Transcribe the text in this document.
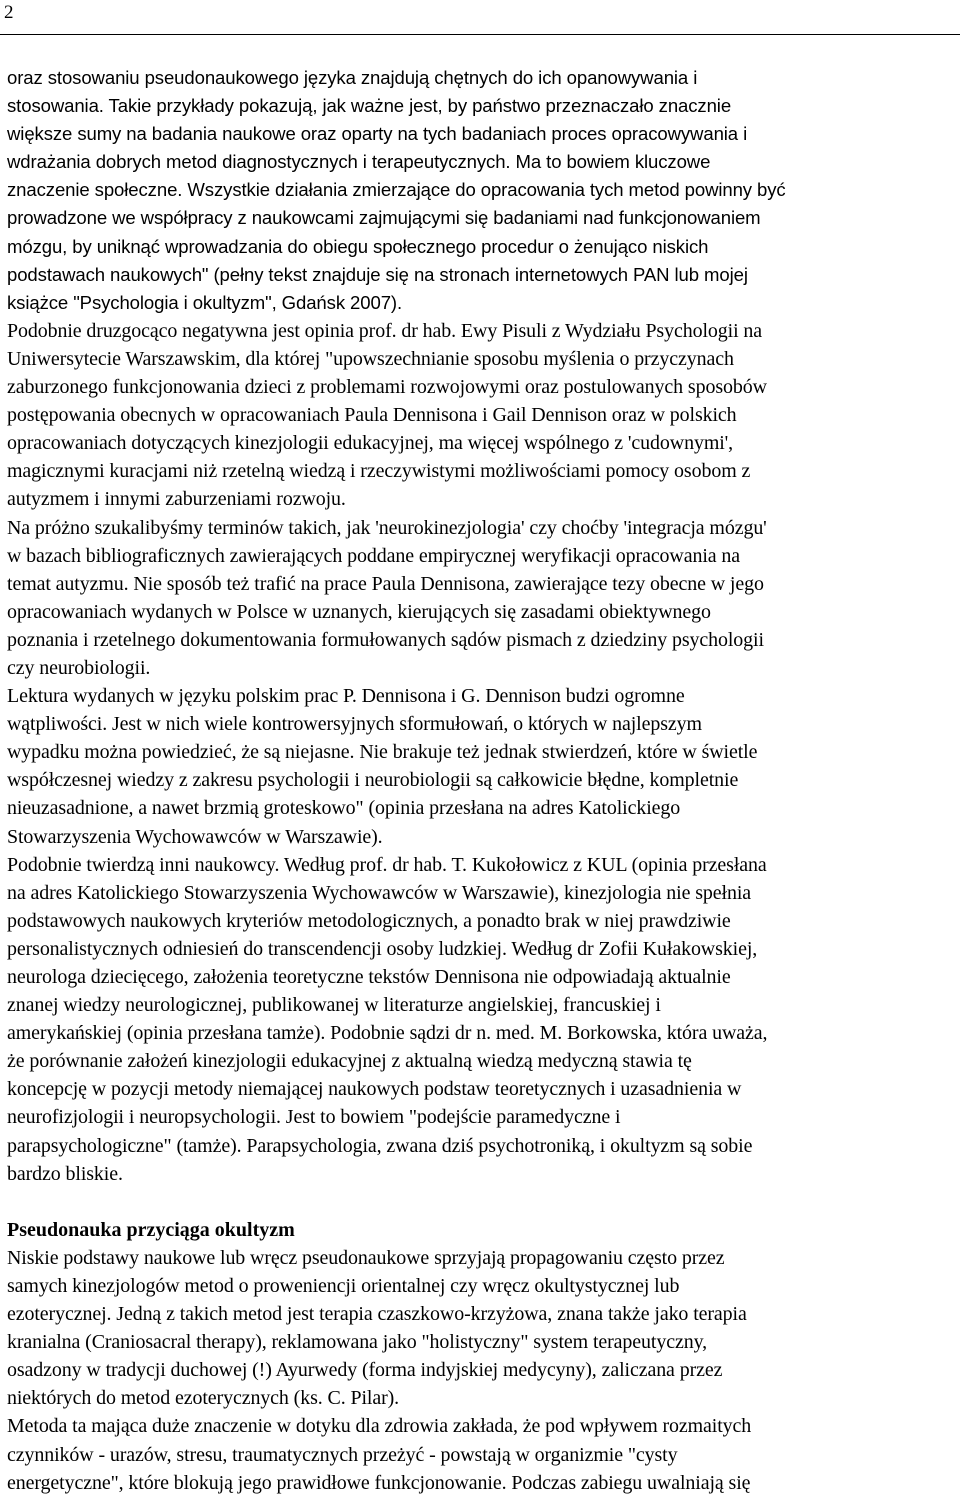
2
oraz stosowaniu pseudonaukowego języka znajdują chętnych do ich opanowywania i
stosowania. Takie przykłady pokazują, jak ważne jest, by państwo przeznaczało znacznie
większe sumy na badania naukowe oraz oparty na tych badaniach proces opracowywania i
wdrażania dobrych metod diagnostycznych i terapeutycznych. Ma to bowiem kluczowe
znaczenie społeczne. Wszystkie działania zmierzające do opracowania tych metod powinny być
prowadzone we współpracy z naukowcami zajmującymi się badaniami nad funkcjonowaniem
mózgu, by uniknąć wprowadzania do obiegu społecznego procedur o żenująco niskich
podstawach naukowych" (pełny tekst znajduje się na stronach internetowych PAN lub mojej
książce "Psychologia i okultyzm", Gdańsk 2007).
Podobnie druzgocąco negatywna jest opinia prof. dr hab. Ewy Pisuli z Wydziału Psychologii na
Uniwersytecie Warszawskim, dla której "upowszechnianie sposobu myślenia o przyczynach
zaburzonego funkcjonowania dzieci z problemami rozwojowymi oraz postulowanych sposobów
postępowania obecnych w opracowaniach Paula Dennisona i Gail Dennison oraz w polskich
opracowaniach dotyczących kinezjologii edukacyjnej, ma więcej wspólnego z 'cudownymi',
magicznymi kuracjami niż rzetelną wiedzą i rzeczywistymi możliwościami pomocy osobom z
autyzmem i innymi zaburzeniami rozwoju.
Na próżno szukalibyśmy terminów takich, jak 'neurokinezjologia' czy choćby 'integracja mózgu'
w bazach bibliograficznych zawierających poddane empirycznej weryfikacji opracowania na
temat autyzmu. Nie sposób też trafić na prace Paula Dennisona, zawierające tezy obecne w jego
opracowaniach wydanych w Polsce w uznanych, kierujących się zasadami obiektywnego
poznania i rzetelnego dokumentowania formułowanych sądów pismach z dziedziny psychologii
czy neurobiologii.
Lektura wydanych w języku polskim prac P. Dennisona i G. Dennison budzi ogromne
wątpliwości. Jest w nich wiele kontrowersyjnych sformułowań, o których w najlepszym
wypadku można powiedzieć, że są niejasne. Nie brakuje też jednak stwierdzeń, które w świetle
współczesnej wiedzy z zakresu psychologii i neurobiologii są całkowicie błędne, kompletnie
nieuzasadnione, a nawet brzmią groteskowo" (opinia przesłana na adres Katolickiego
Stowarzyszenia Wychowawców w Warszawie).
Podobnie twierdzą inni naukowcy. Według prof. dr hab. T. Kukołowicz z KUL (opinia przesłana
na adres Katolickiego Stowarzyszenia Wychowawców w Warszawie), kinezjologia nie spełnia
podstawowych naukowych kryteriów metodologicznych, a ponadto brak w niej prawdziwie
personalistycznych odniesień do transcendencji osoby ludzkiej. Według dr Zofii Kułakowskiej,
neurologa dziecięcego, założenia teoretyczne tekstów Dennisona nie odpowiadają aktualnie
znanej wiedzy neurologicznej, publikowanej w literaturze angielskiej, francuskiej i
amerykańskiej (opinia przesłana tamże). Podobnie sądzi dr n. med. M. Borkowska, która uważa,
że porównanie założeń kinezjologii edukacyjnej z aktualną wiedzą medyczną stawia tę
koncepcję w pozycji metody niemającej naukowych podstaw teoretycznych i uzasadnienia w
neurofizjologii i neuropsychologii. Jest to bowiem "podejście paramedyczne i
parapsychologiczne" (tamże). Parapsychologia, zwana dziś psychotroniką, i okultyzm są sobie
bardzo bliskie.
Pseudonauka przyciąga okultyzm
Niskie podstawy naukowe lub wręcz pseudonaukowe sprzyjają propagowaniu często przez
samych kinezjologów metod o proweniencji orientalnej czy wręcz okultystycznej lub
ezoterycznej. Jedną z takich metod jest terapia czaszkowo-krzyżowa, znana także jako terapia
kranialna (Craniosacral therapy), reklamowana jako "holistyczny" system terapeutyczny,
osadzony w tradycji duchowej (!) Ayurwedy (forma indyjskiej medycyny), zaliczana przez
niektórych do metod ezoterycznych (ks. C. Pilar).
Metoda ta mająca duże znaczenie w dotyku dla zdrowia zakłada, że pod wpływem rozmaitych
czynników - urazów, stresu, traumatycznych przeżyć - powstają w organizmie "cysty
energetyczne", które blokują jego prawidłowe funkcjonowanie. Podczas zabiegu uwalniają się
